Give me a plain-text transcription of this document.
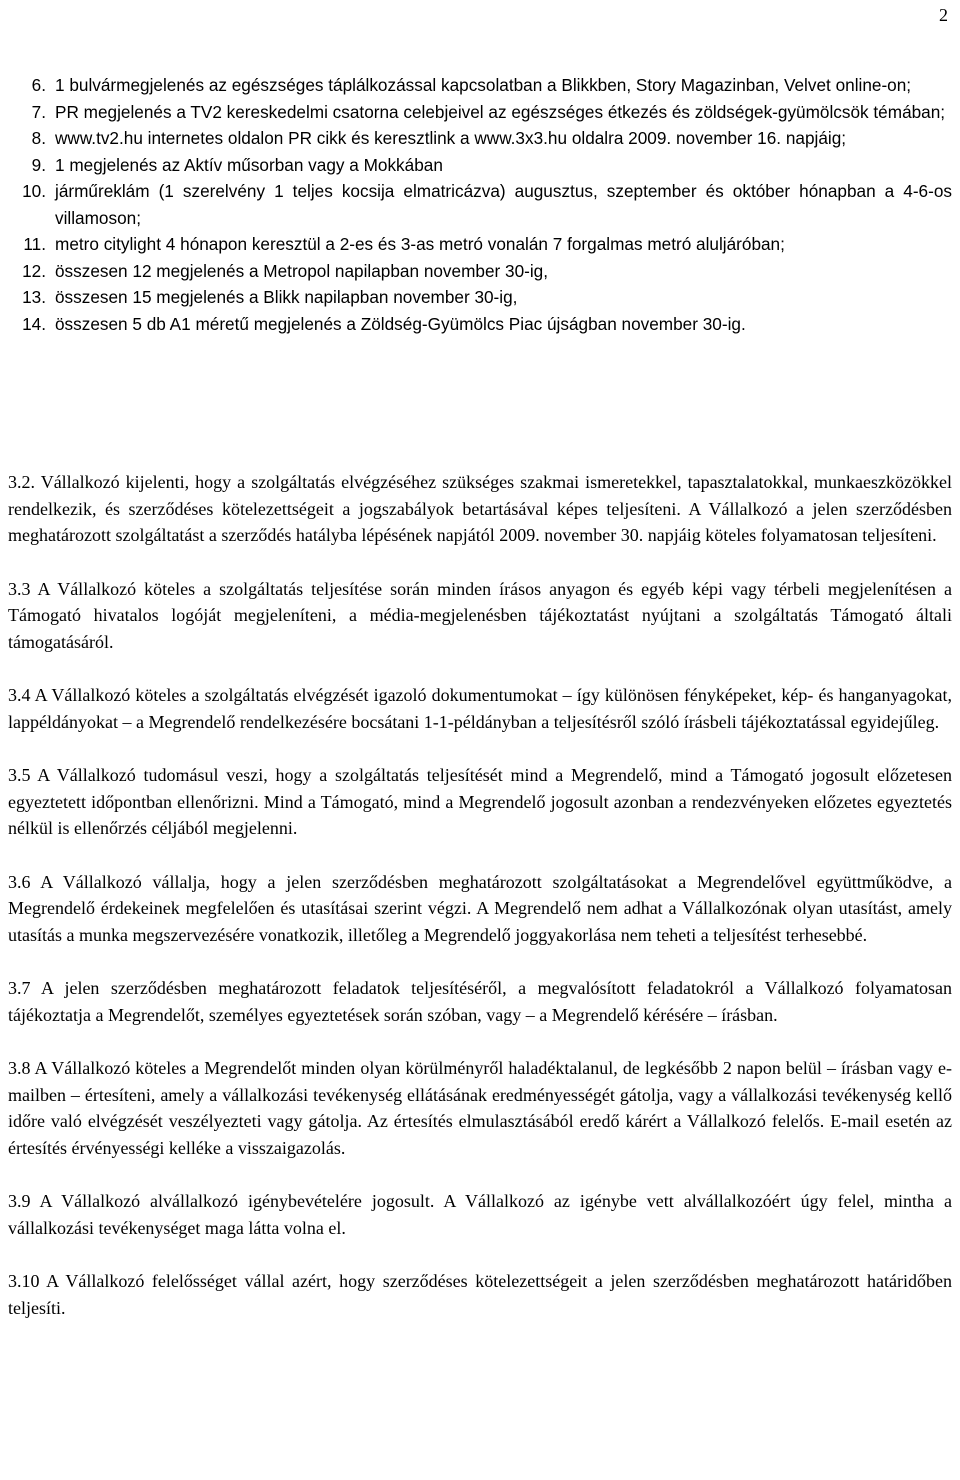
2
6. 1 bulvármegjelenés az egészséges táplálkozással kapcsolatban a Blikkben, Story Magazinban, Velvet online-on;
7. PR megjelenés a TV2 kereskedelmi csatorna celebjeivel az egészséges étkezés és zöldségek-gyümölcsök témában;
8. www.tv2.hu internetes oldalon PR cikk és keresztlink a www.3x3.hu oldalra 2009. november 16. napjáig;
9. 1 megjelenés az Aktív műsorban vagy a Mokkában
10. járműreklám (1 szerelvény 1 teljes kocsija elmatricázva) augusztus, szeptember és október hónapban a 4-6-os villamoson;
11. metro citylight 4 hónapon keresztül a 2-es és 3-as metró vonalán 7 forgalmas metró aluljáróban;
12. összesen 12 megjelenés a Metropol napilapban november 30-ig,
13. összesen 15 megjelenés a Blikk napilapban november 30-ig,
14. összesen 5 db A1 méretű megjelenés a Zöldség-Gyümölcs Piac újságban november 30-ig.

3.2. Vállalkozó kijelenti, hogy a szolgáltatás elvégzéséhez szükséges szakmai ismeretekkel, tapasztalatokkal, munkaeszközökkel rendelkezik, és szerződéses kötelezettségeit a jogszabályok betartásával képes teljesíteni. A Vállalkozó a jelen szerződésben meghatározott szolgáltatást a szerződés hatályba lépésének napjától 2009. november 30. napjáig köteles folyamatosan teljesíteni.

3.3 A Vállalkozó köteles a szolgáltatás teljesítése során minden írásos anyagon és egyéb képi vagy térbeli megjelenítésen a Támogató hivatalos logóját megjeleníteni, a média-megjelenésben tájékoztatást nyújtani a szolgáltatás Támogató általi támogatásáról.

3.4 A Vállalkozó köteles a szolgáltatás elvégzését igazoló dokumentumokat – így különösen fényképeket, kép- és hanganyagokat, lappéldányokat – a Megrendelő rendelkezésére bocsátani 1-1-példányban a teljesítésről szóló írásbeli tájékoztatással egyidejűleg.

3.5 A Vállalkozó tudomásul veszi, hogy a szolgáltatás teljesítését mind a Megrendelő, mind a Támogató jogosult előzetesen egyeztetett időpontban ellenőrizni. Mind a Támogató, mind a Megrendelő jogosult azonban a rendezvényeken előzetes egyeztetés nélkül is ellenőrzés céljából megjelenni.

3.6 A Vállalkozó vállalja, hogy a jelen szerződésben meghatározott szolgáltatásokat a Megrendelővel együttműködve, a Megrendelő érdekeinek megfelelően és utasításai szerint végzi. A Megrendelő nem adhat a Vállalkozónak olyan utasítást, amely utasítás a munka megszervezésére vonatkozik, illetőleg a Megrendelő joggyakorlása nem teheti a teljesítést terhesebbé.

3.7 A jelen szerződésben meghatározott feladatok teljesítéséről, a megvalósított feladatokról a Vállalkozó folyamatosan tájékoztatja a Megrendelőt, személyes egyeztetések során szóban, vagy – a Megrendelő kérésére – írásban.

3.8 A Vállalkozó köteles a Megrendelőt minden olyan körülményről haladéktalanul, de legkésőbb 2 napon belül – írásban vagy e-mailben – értesíteni, amely a vállalkozási tevékenység ellátásának eredményességét gátolja, vagy a vállalkozási tevékenység kellő időre való elvégzését veszélyezteti vagy gátolja. Az értesítés elmulasztásából eredő kárért a Vállalkozó felelős. E-mail esetén az értesítés érvényességi kelléke a visszaigazolás.

3.9 A Vállalkozó alvállalkozó igénybevételére jogosult. A Vállalkozó az igénybe vett alvállalkozóért úgy felel, mintha a vállalkozási tevékenységet maga látta volna el.

3.10 A Vállalkozó felelősséget vállal azért, hogy szerződéses kötelezettségeit a jelen szerződésben meghatározott határidőben teljesíti.
